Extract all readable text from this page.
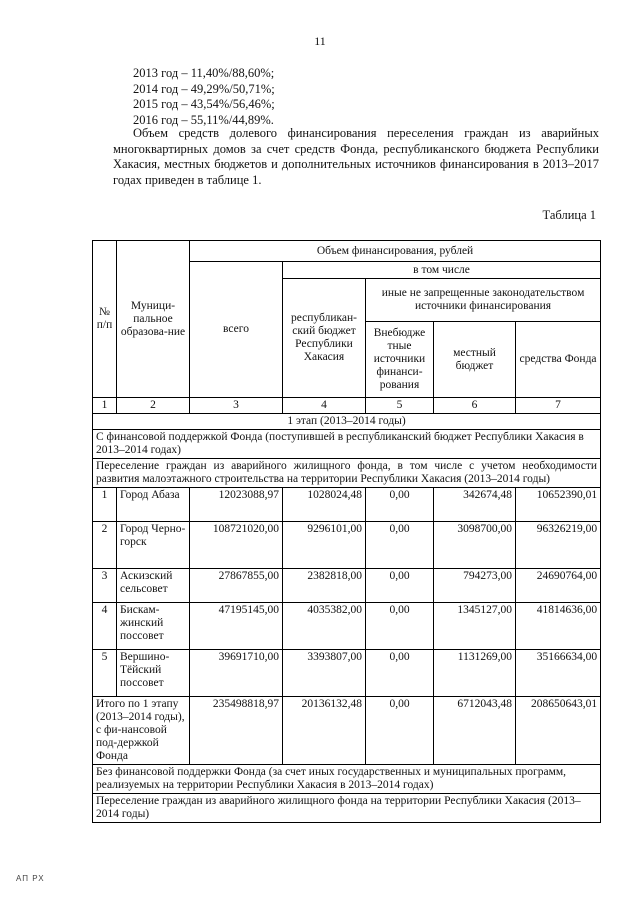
11
2013 год – 11,40%/88,60%;
2014 год – 49,29%/50,71%;
2015 год – 43,54%/56,46%;
2016 год – 55,11%/44,89%.
Объем средств долевого финансирования переселения граждан из аварийных многоквартирных домов за счет средств Фонда, республиканского бюджета Республики Хакасия, местных бюджетов и дополнительных источников финансирования в 2013–2017 годах приведен в таблице 1.
Таблица 1
№ п/п	Муници-пальное образова-ние	Объем финансирования, рублей				
		всего	в том числе			
			республикан-ский бюджет Республики Хакасия	иные не запрещенные законодательством источники финансирования		
				Внебюдже тные источники финанси-рования	местный бюджет	средства Фонда
1	2	3	4	5	6	7
1 этап (2013–2014 годы)						
С финансовой поддержкой Фонда (поступившей в республиканский бюджет Республики Хакасия в 2013–2014 годах)						
Переселение граждан из аварийного жилищного фонда, в том числе с учетом необходимости развития малоэтажного строительства на территории Республики Хакасия (2013–2014 годы)						
1	Город Абаза	12023088,97	1028024,48	0,00	342674,48	10652390,01
2	Город Черно-горск	108721020,00	9296101,00	0,00	3098700,00	96326219,00
3	Аскизский сельсовет	27867855,00	2382818,00	0,00	794273,00	24690764,00
4	Бискам-жинский поссовет	47195145,00	4035382,00	0,00	1345127,00	41814636,00
5	Вершино-Тёйский поссовет	39691710,00	3393807,00	0,00	1131269,00	35166634,00
Итого по 1 этапу (2013–2014 годы), с фи-нансовой под-держкой Фонда		235498818,97	20136132,48	0,00	6712043,48	208650643,01
Без финансовой поддержки Фонда (за счет иных государственных и муниципальных программ, реализуемых на территории Республики Хакасия в 2013–2014 годах)						
Переселение граждан из аварийного жилищного фонда на территории Республики Хакасия (2013–2014 годы)						
АП РХ
